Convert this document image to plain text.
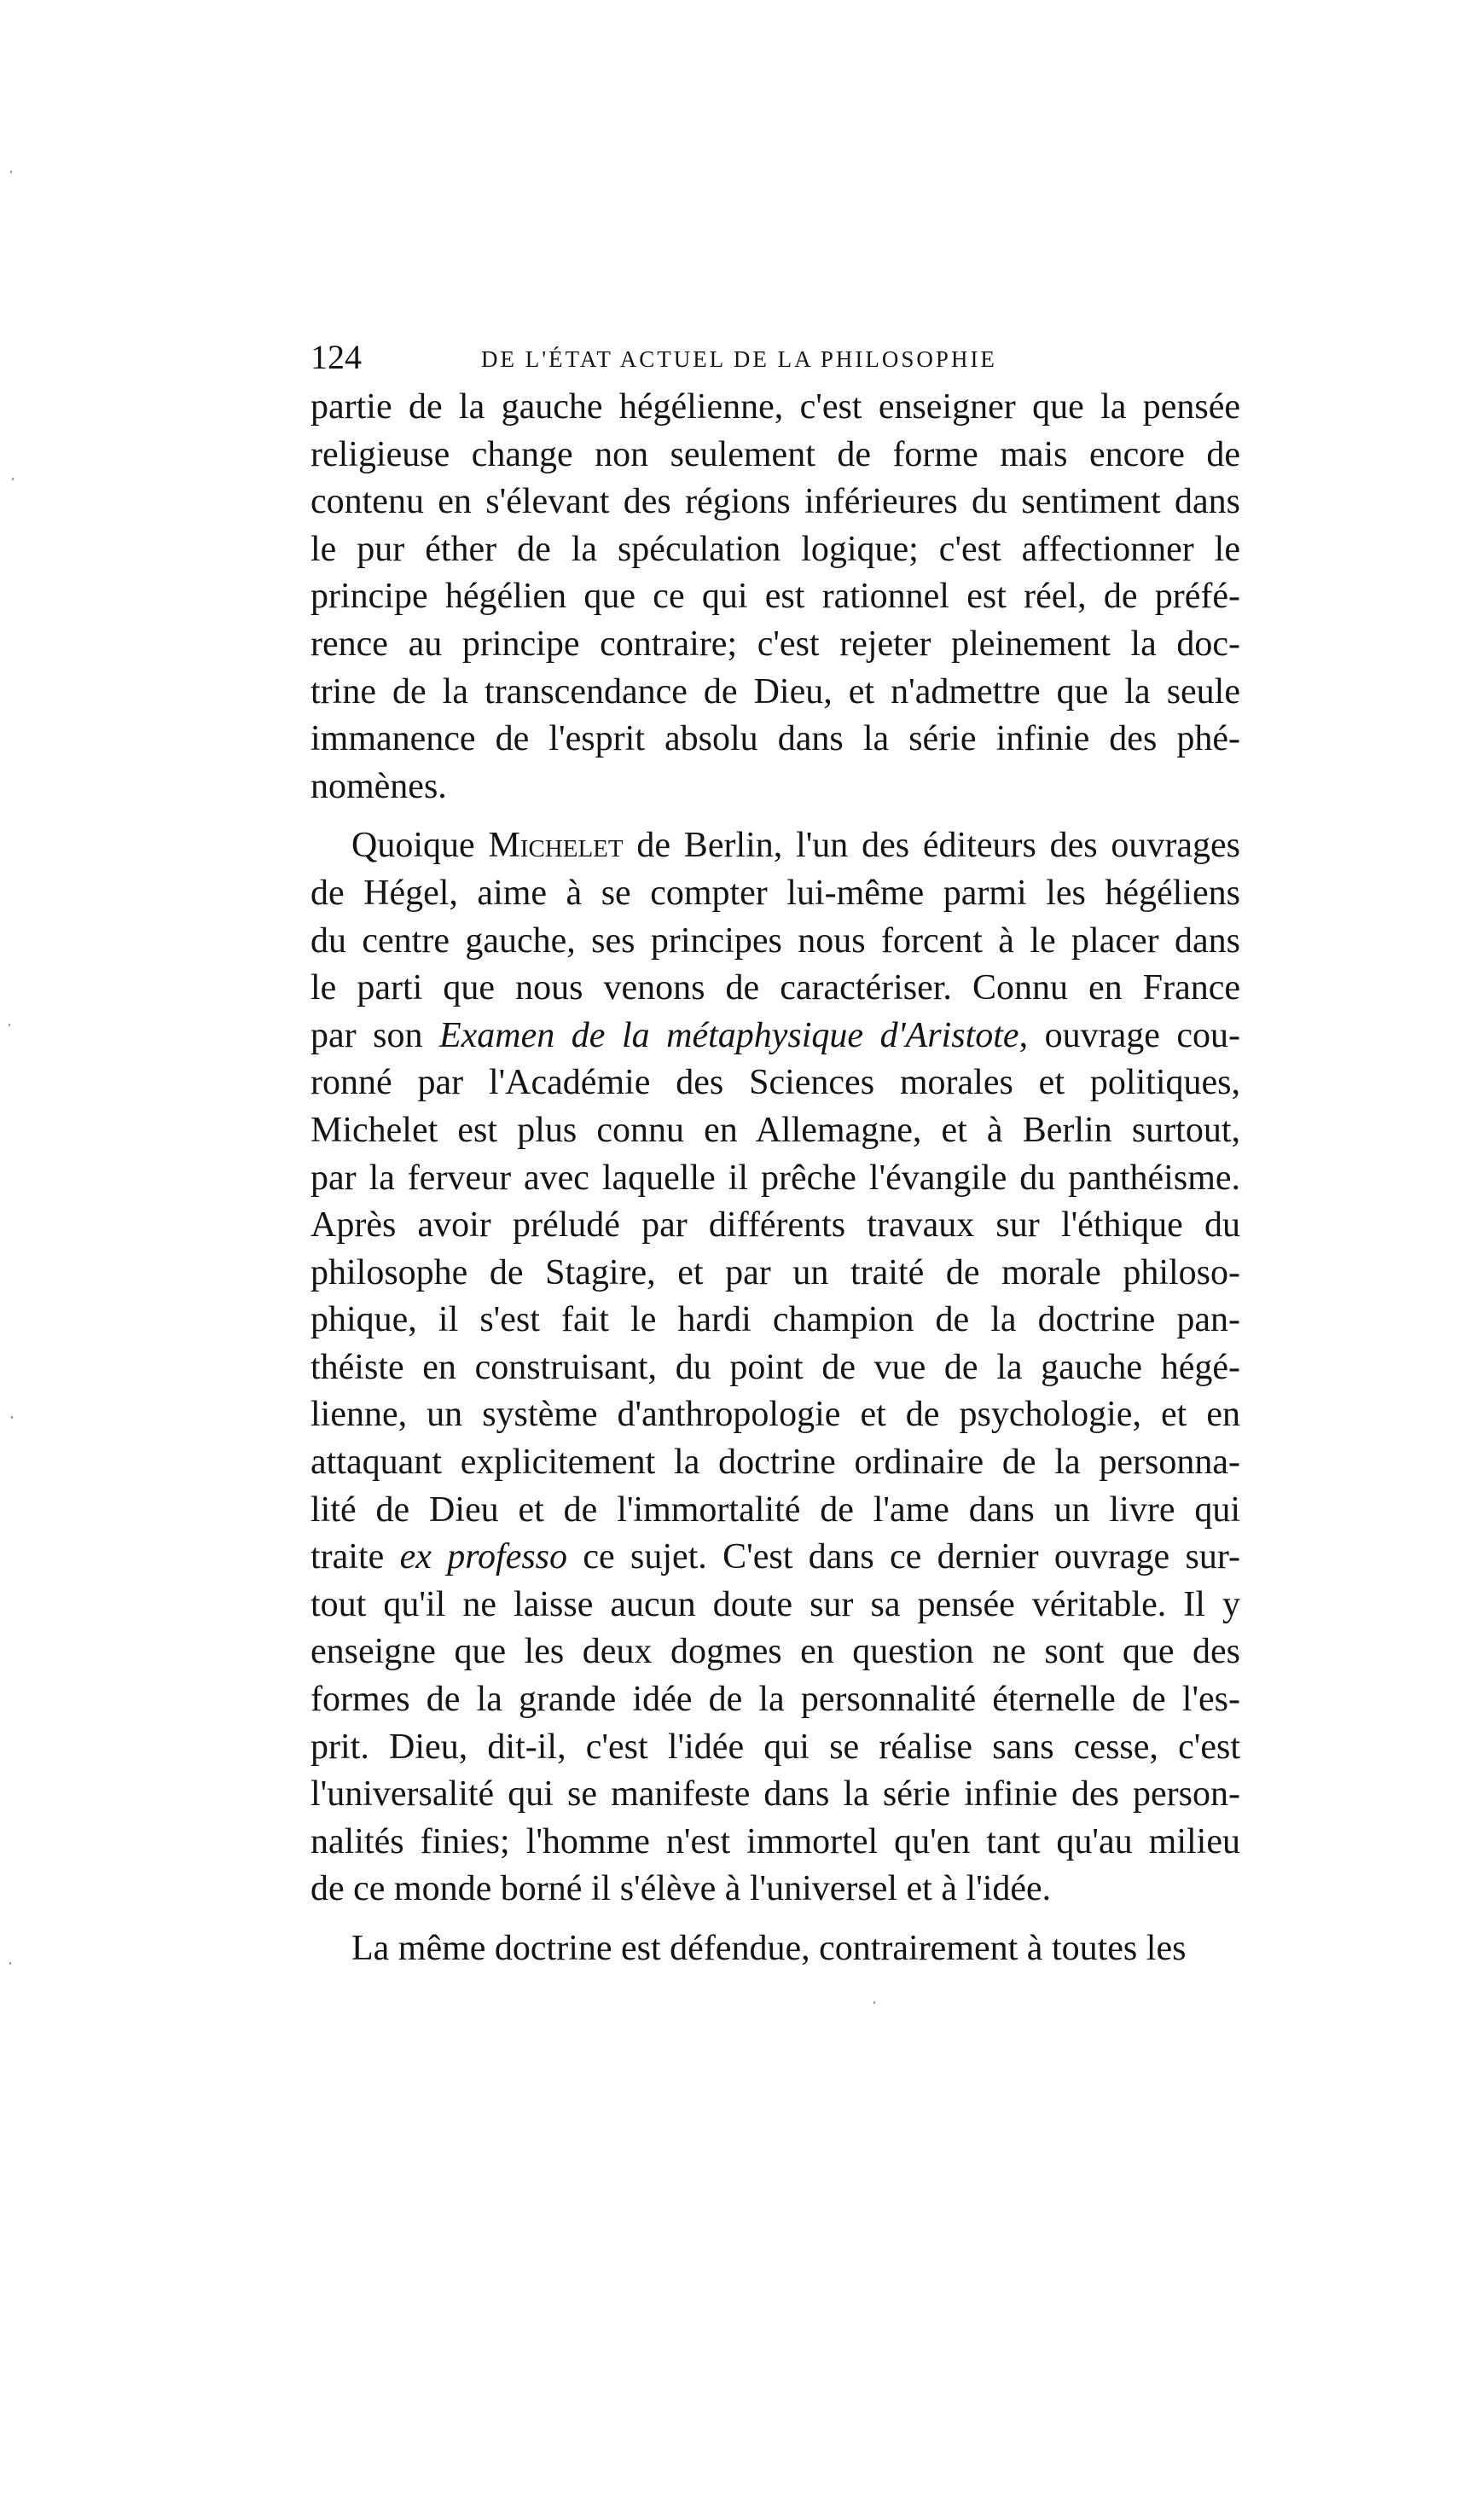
124	DE L'ÉTAT ACTUEL DE LA PHILOSOPHIE
partie de la gauche hégélienne, c'est enseigner que la pensée
religieuse change non seulement de forme mais encore de
contenu en s'élevant des régions inférieures du sentiment dans
le pur éther de la spéculation logique; c'est affectionner le
principe hégélien que ce qui est rationnel est réel, de préfé-
rence au principe contraire; c'est rejeter pleinement la doc-
trine de la transcendance de Dieu, et n'admettre que la seule
immanence de l'esprit absolu dans la série infinie des phé-
nomènes.
Quoique Michelet de Berlin, l'un des éditeurs des ouvrages
de Hégel, aime à se compter lui-même parmi les hégéliens
du centre gauche, ses principes nous forcent à le placer dans
le parti que nous venons de caractériser. Connu en France
par son Examen de la métaphysique d'Aristote, ouvrage cou-
ronné par l'Académie des Sciences morales et politiques,
Michelet est plus connu en Allemagne, et à Berlin surtout,
par la ferveur avec laquelle il prêche l'évangile du panthéisme.
Après avoir préludé par différents travaux sur l'éthique du
philosophe de Stagire, et par un traité de morale philoso-
phique, il s'est fait le hardi champion de la doctrine pan-
théiste en construisant, du point de vue de la gauche hégé-
lienne, un système d'anthropologie et de psychologie, et en
attaquant explicitement la doctrine ordinaire de la personna-
lité de Dieu et de l'immortalité de l'ame dans un livre qui
traite ex professo ce sujet. C'est dans ce dernier ouvrage sur-
tout qu'il ne laisse aucun doute sur sa pensée véritable. Il y
enseigne que les deux dogmes en question ne sont que des
formes de la grande idée de la personnalité éternelle de l'es-
prit. Dieu, dit-il, c'est l'idée qui se réalise sans cesse, c'est
l'universalité qui se manifeste dans la série infinie des person-
nalités finies; l'homme n'est immortel qu'en tant qu'au milieu
de ce monde borné il s'élève à l'universel et à l'idée.
La même doctrine est défendue, contrairement à toutes les
